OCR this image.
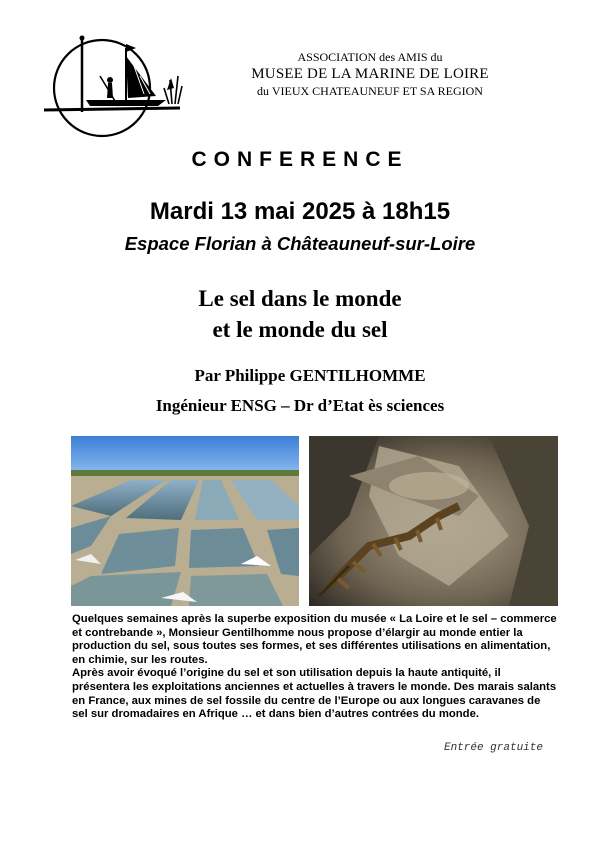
ASSOCIATION des AMIS du
MUSEE DE LA MARINE DE LOIRE
du VIEUX CHATEAUNEUF ET SA REGION
CONFERENCE
Mardi 13 mai 2025 à 18h15
Espace Florian à Châteauneuf-sur-Loire
Le sel dans le monde
et le monde du sel
Par Philippe GENTILHOMME
Ingénieur ENSG – Dr d’Etat ès sciences

Quelques semaines après la superbe exposition du musée « La Loire et le sel – commerce et contrebande », Monsieur Gentilhomme nous propose d’élargir au monde entier la production du sel, sous toutes ses formes, et ses différentes utilisations en alimentation, en chimie, sur les routes.

Après avoir évoqué l’origine du sel et son utilisation depuis la haute antiquité, il présentera les exploitations anciennes et actuelles à travers le monde. Des marais salants en France, aux mines de sel fossile du centre de l’Europe ou aux longues caravanes de sel sur dromadaires en Afrique … et dans bien d’autres contrées du monde.

Entrée gratuite
